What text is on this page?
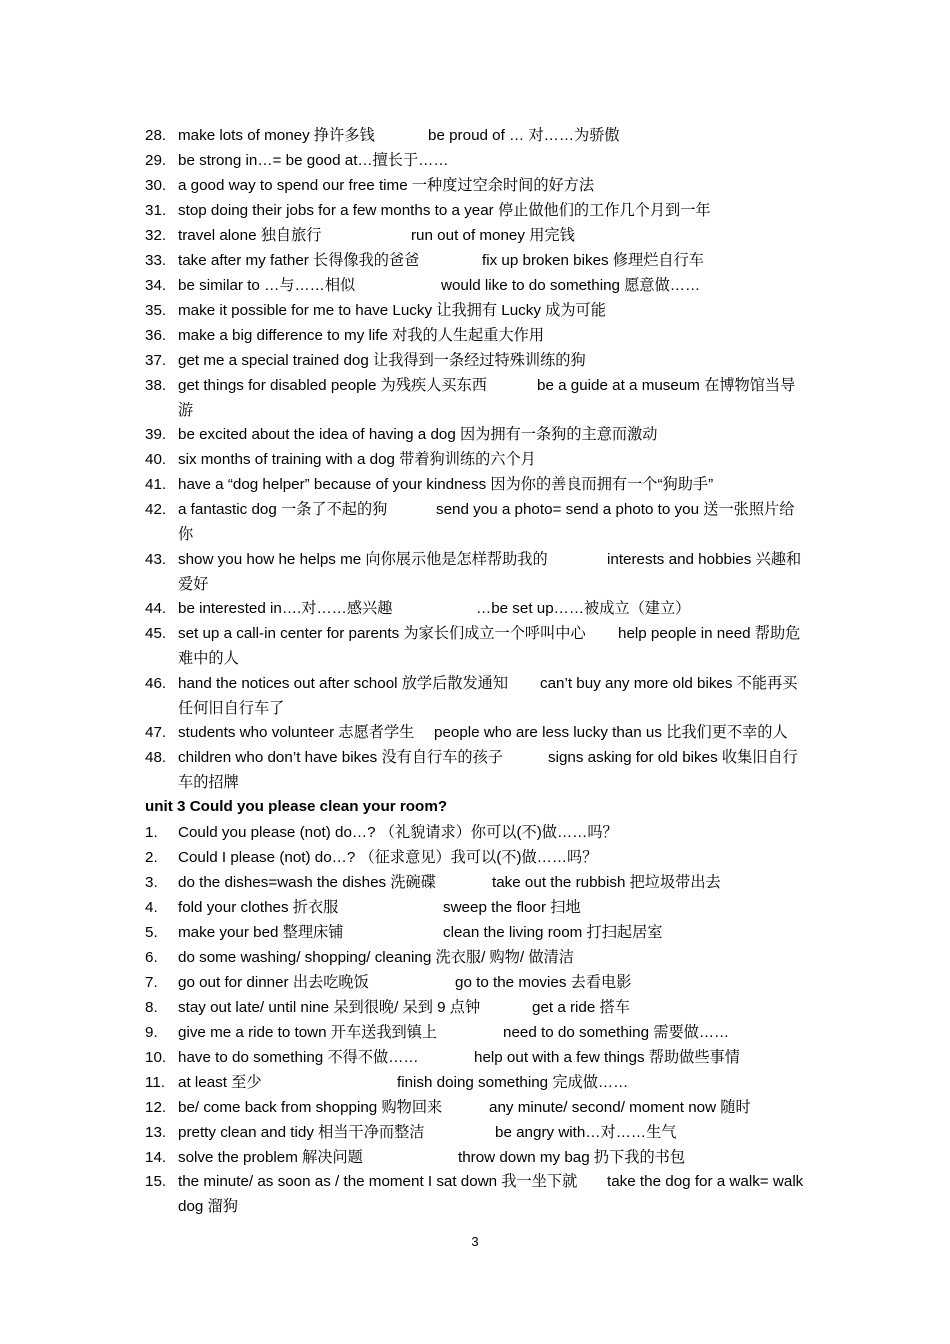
28. make lots of money 挣许多钱	be proud of … 对……为骄傲
29. be strong in…= be good at…擅长于……
30. a good way to spend our free time 一种度过空余时间的好方法
31. stop doing their jobs for a few months to a year 停止做他们的工作几个月到一年
32. travel alone 独自旅行	run out of money 用完钱
33. take after my father 长得像我的爸爸	fix up broken bikes 修理烂自行车
34. be similar to …与……相似	would like to do something 愿意做……
35. make it possible for me to have Lucky 让我拥有 Lucky 成为可能
36. make a big difference to my life 对我的人生起重大作用
37. get me a special trained dog 让我得到一条经过特殊训练的狗
38. get things for disabled people 为残疾人买东西	be a guide at a museum 在博物馆当导
游
39. be excited about the idea of having a dog 因为拥有一条狗的主意而激动
40. six months of training with a dog 带着狗训练的六个月
41. have a “dog helper” because of your kindness 因为你的善良而拥有一个“狗助手”
42. a fantastic dog 一条了不起的狗	send you a photo= send a photo to you 送一张照片给
你
43. show you how he helps me 向你展示他是怎样帮助我的	interests and hobbies 兴趣和
爱好
44. be interested in….对……感兴趣	…be set up……被成立（建立）
45. set up a call-in center for parents 为家长们成立一个呼叫中心 help people in need 帮助危
难中的人
46. hand the notices out after school 放学后散发通知 can’t buy any more old bikes 不能再买
任何旧自行车了
47. students who volunteer 志愿者学生 people who are less lucky than us 比我们更不幸的人
48. children who don’t have bikes 没有自行车的孩子	signs asking for old bikes 收集旧自行
车的招牌
unit 3 Could you please clean your room?
1.	Could you please (not) do…? （礼貌请求）你可以(不)做……吗？
2.	Could I please (not) do…? （征求意见）我可以(不)做……吗？
3.	do the dishes=wash the dishes 洗碗碟	take out the rubbish 把垃圾带出去
4.	fold your clothes 折衣服	sweep the floor 扫地
5.	make your bed 整理床铺	clean the living room 打扫起居室
6.	do some washing/ shopping/ cleaning 洗衣服/ 购物/ 做清洁
7.	go out for dinner 出去吃晚饭	go to the movies 去看电影
8.	stay out late/ until nine 呆到很晚/ 呆到 9 点钟	get a ride 搭车
9.	give me a ride to town 开车送我到镇上	need to do something 需要做……
10. have to do something 不得不做……	help out with a few things 帮助做些事情
11. at least 至少	finish doing something 完成做……
12. be/ come back from shopping 购物回来	any minute/ second/ moment now 随时
13. pretty clean and tidy 相当干净而整洁	be angry with…对……生气
14. solve the problem 解决问题	throw down my bag 扔下我的书包
15. the minute/ as soon as / the moment I sat down 我一坐下就 take the dog for a walk= walk
dog 溜狗
3
